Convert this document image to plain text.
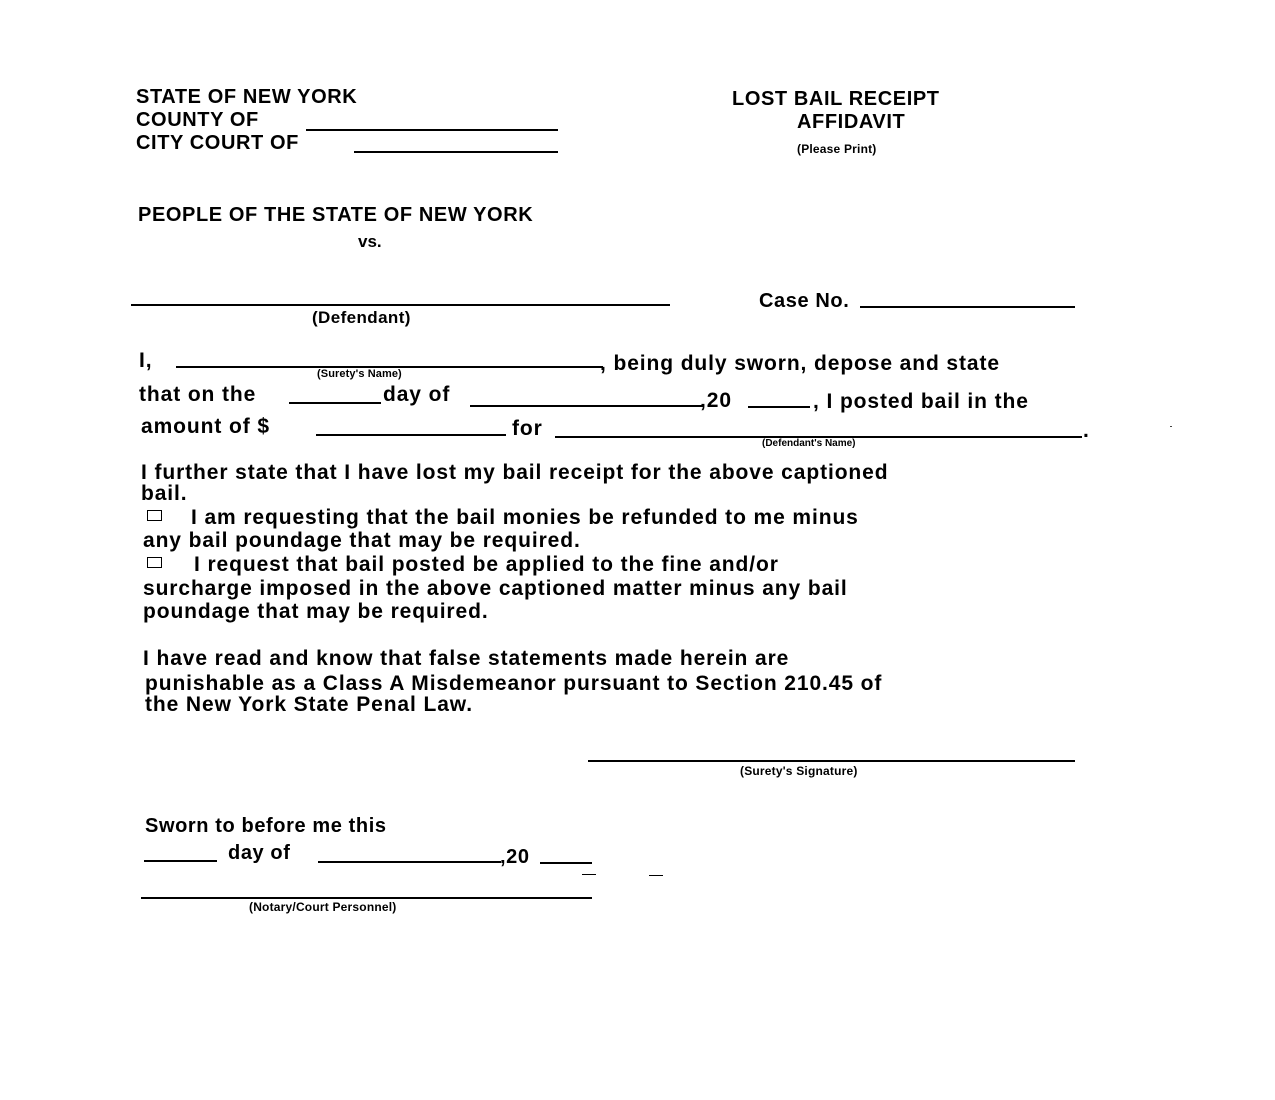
STATE OF NEW YORK
COUNTY OF
CITY COURT OF
LOST BAIL RECEIPT
AFFIDAVIT
(Please Print)
PEOPLE OF THE STATE OF NEW YORK
vs.
(Defendant)
Case No.
I,
(Surety's Name)	, being duly sworn, depose and state
that on the	day of	,20	, I posted bail in the
amount of $	for	.
(Defendant's Name)
I further state that I have lost my bail receipt for the above captioned
bail.
I am requesting that the bail monies be refunded to me minus
any bail poundage that may be required.
I request that bail posted be applied to the fine and/or
surcharge imposed in the above captioned matter minus any bail
poundage that may be required.
I have read and know that false statements made herein are
punishable as a Class A Misdemeanor pursuant to Section 210.45 of
the New York State Penal Law.
(Surety's Signature)
Sworn to before me this
day of	,20
(Notary/Court Personnel)
